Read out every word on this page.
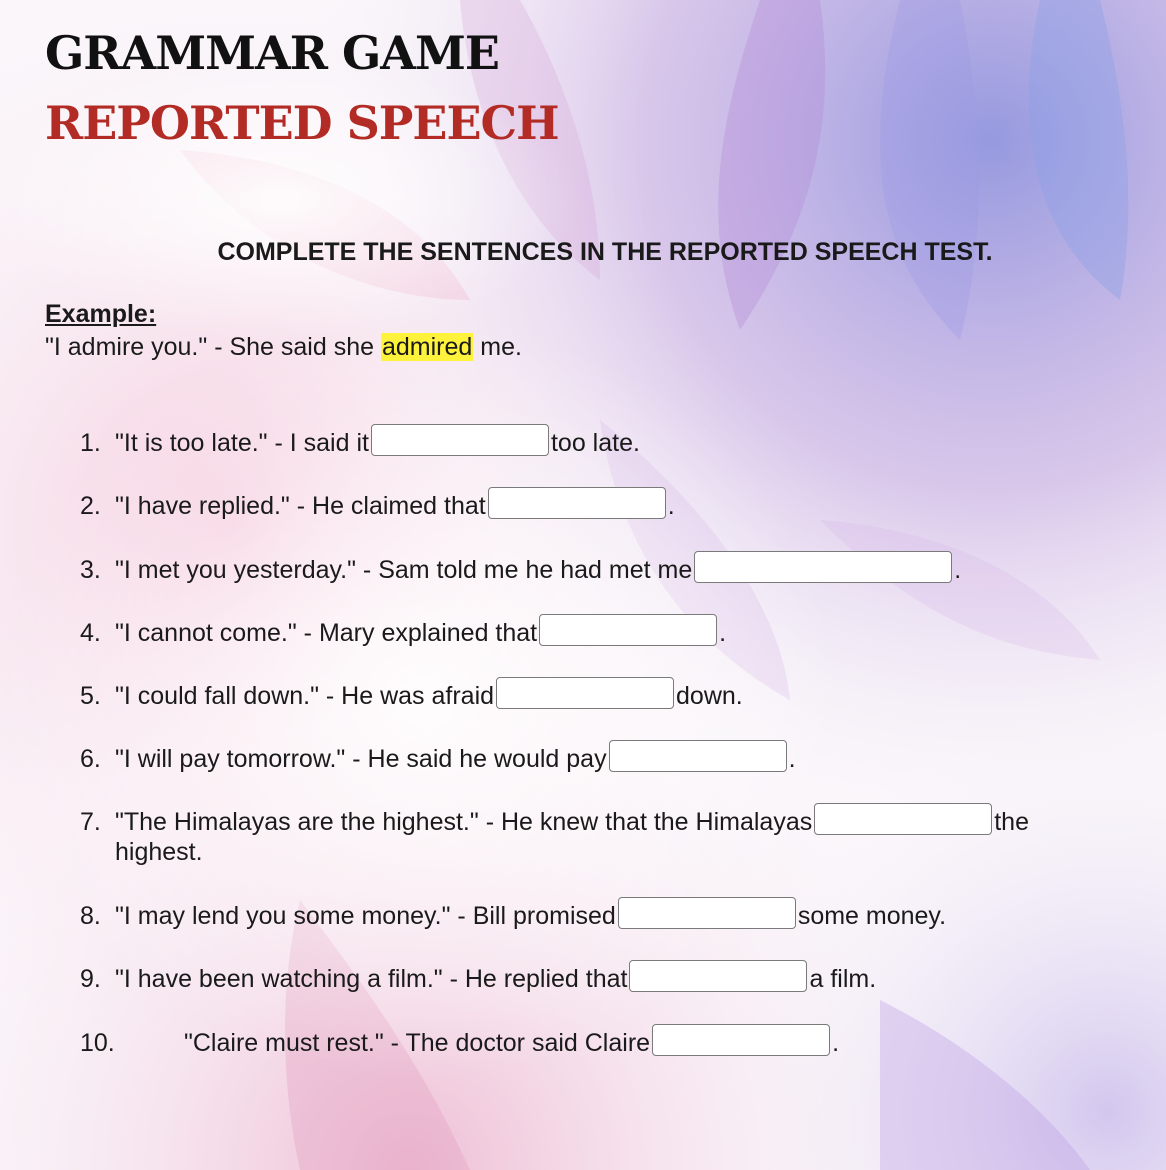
GRAMMAR GAME
REPORTED SPEECH
COMPLETE THE SENTENCES IN THE REPORTED SPEECH TEST.
Example:
"I admire you." - She said she admired me.
1. "It is too late." - I said it	too late.
2. "I have replied." - He claimed that	.
3. "I met you yesterday." - Sam told me he had met me	.
4. "I cannot come." - Mary explained that	.
5. "I could fall down." - He was afraid	down.
6. "I will pay tomorrow." - He said he would pay	.
7. "The Himalayas are the highest." - He knew that the Himalayas	the
highest.
8. "I may lend you some money." - Bill promised	some money.
9. "I have been watching a film." - He replied that	a film.
10.	"Claire must rest." - The doctor said Claire	.
